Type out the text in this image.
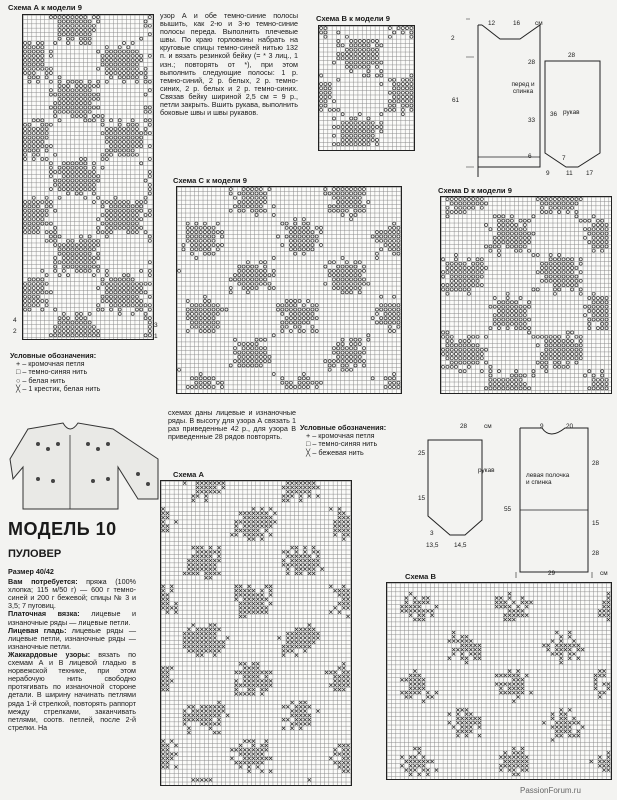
Схема А к модели 9
4
2
3
1
Условные обозначения:
+ – кромочная петля
□ – темно-синяя нить
○ – белая нить
╳ – 1 крестик, белая нить
узор А и обе темно-синие полосы вышить, как 2-ю и 3-ю темно-синие полосы переда. Выполнить плечевые швы. По краю горловины набрать на круговые спицы темно-синей нитью 132 п. и вязать резинкой бейку (= * 3 лиц., 1 изн.; повторять от *), при этом выполнить следующие полосы: 1 р. темно-синий, 2 р. белых, 2 р. темно-синих, 2 р. белых и 2 р. темно-синих. Связав бейку шириной 2,5 см = 9 р., петли закрыть. Вшить рукава, выполнить боковые швы и швы рукавов.
Схема В к модели 9
перед и спинка
рукав
2
12	16 см
28
61
33
36
6	7
28
9	11 17
Схема С к модели 9
Схема D к модели 9
МОДЕЛЬ 10
ПУЛОВЕР
Размер 40/42
Вам потребуется: пряжа (100% хлопка; 115 м/50 г) — 600 г темно-синей и 200 г бежевой; спицы № 3 и 3,5; 7 пуговиц.
Платочная вязка: лицевые и изнаночные ряды — лицевые петли.
Лицевая гладь: лицевые ряды — лицевые петли, изнаночные ряды — изнаночные петли.
Жаккардовые узоры: вязать по схемам А и В лицевой гладью в норвежской технике, при этом нерабочую нить свободно протягивать по изнаночной стороне детали. В ширину начинать петлями ряда 1-й стрелкой, повторять раппорт между стрелками, заканчивать петлями, соотв. петлей, после 2-й стрелки. На
схемах даны лицевые и изнаночные ряды. В высоту для узора А связать 1 раз приведенные 42 р., для узора В приведенные 28 рядов повторять.
Условные обозначения:
+ – кромочная петля
□ – темно-синяя нить
╳ – бежевая нить
рукав
левая полочка и спинка
28	см	9	20
25
15
28
55
15
28
13,5 14,5
29	см
3
Схема А
Схема В
PassionForum.ru
